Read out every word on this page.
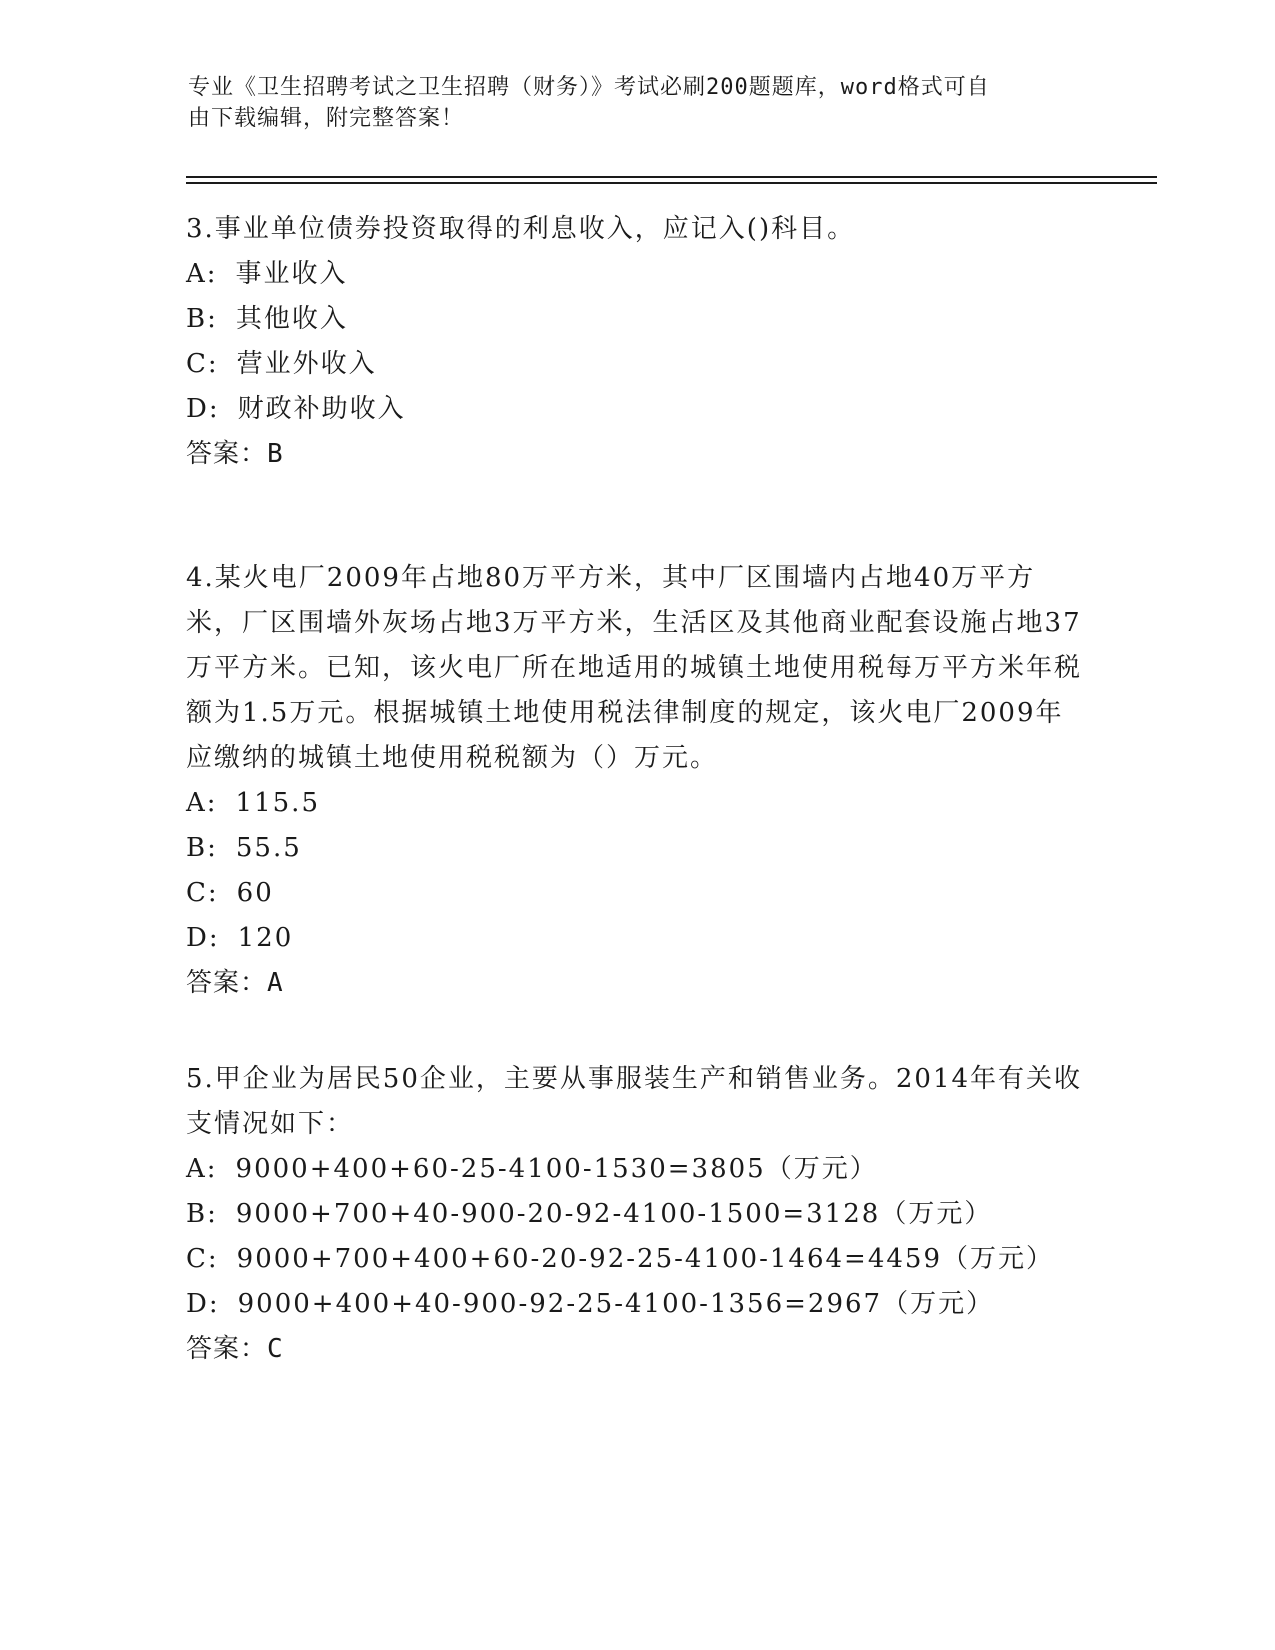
专业《卫生招聘考试之卫生招聘（财务）》考试必刷200题题库，word格式可自
由下载编辑，附完整答案！
3.事业单位债券投资取得的利息收入，应记入()科目。
A: 事业收入
B: 其他收入
C: 营业外收入
D: 财政补助收入
答案：B
4.某火电厂2009年占地80万平方米，其中厂区围墙内占地40万平方米，厂区围墙外灰场占地3万平方米，生活区及其他商业配套设施占地37万平方米。已知，该火电厂所在地适用的城镇土地使用税每万平方米年税额为1.5万元。根据城镇土地使用税法律制度的规定，该火电厂2009年应缴纳的城镇土地使用税税额为（）万元。
A: 115.5
B: 55.5
C: 60
D: 120
答案：A
5.甲企业为居民50企业，主要从事服装生产和销售业务。2014年有关收支情况如下：
A: 9000+400+60-25-4100-1530=3805（万元）
B: 9000+700+40-900-20-92-4100-1500=3128（万元）
C: 9000+700+400+60-20-92-25-4100-1464=4459（万元）
D: 9000+400+40-900-92-25-4100-1356=2967（万元）
答案：C
